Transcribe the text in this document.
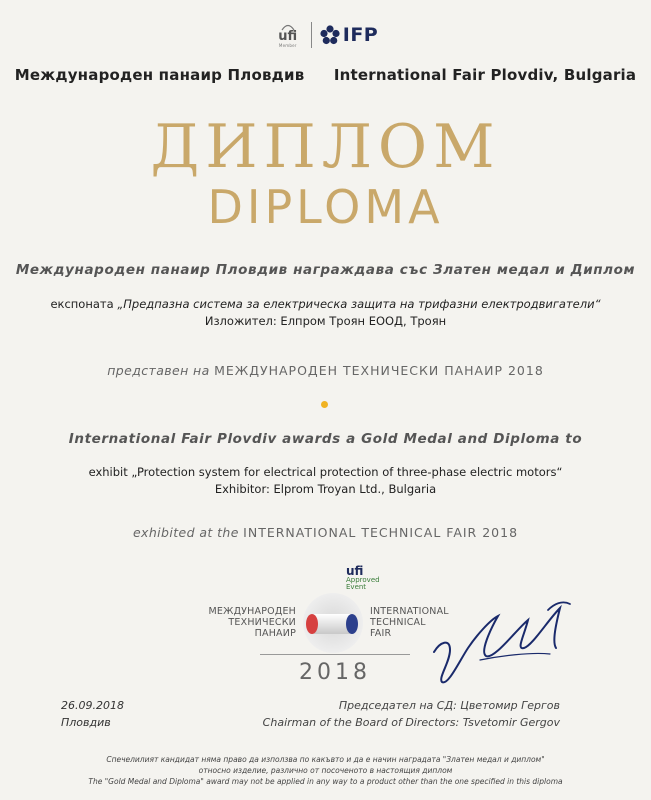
ufi
Member IFP
Международен панаир Пловдив International Fair Plovdiv, Bulgaria
ДИПЛОМ
DIPLOMA
Международен панаир Пловдив награждава със Златен медал и Диплом
експоната „Предпазна система за електрическа защита на трифазни електродвигатели“
Изложител: Елпром Троян ЕООД, Троян
представен на МЕЖДУНАРОДЕН ТЕХНИЧЕСКИ ПАНАИР 2018
International Fair Plovdiv awards a Gold Medal and Diploma to
exhibit „Protection system for electrical protection of three-phase electric motors“
Exhibitor: Elprom Troyan Ltd., Bulgaria
exhibited at the INTERNATIONAL TECHNICAL FAIR 2018
ufi
Approved
Event
МЕЖДУНАРОДЕН
ТЕХНИЧЕСКИ
ПАНАИР
INTERNATIONAL
TECHNICAL
FAIR
2018
26.09.2018
Пловдив
Председател на СД: Цветомир Гергов
Chairman of the Board of Directors: Tsvetomir Gergov
Спечелилият кандидат няма право да използва по какъвто и да е начин наградата "Златен медал и диплом"
относно изделие, различно от посоченото в настоящия диплом
The "Gold Medal and Diploma" award may not be applied in any way to a product other than the one specified in this diploma
